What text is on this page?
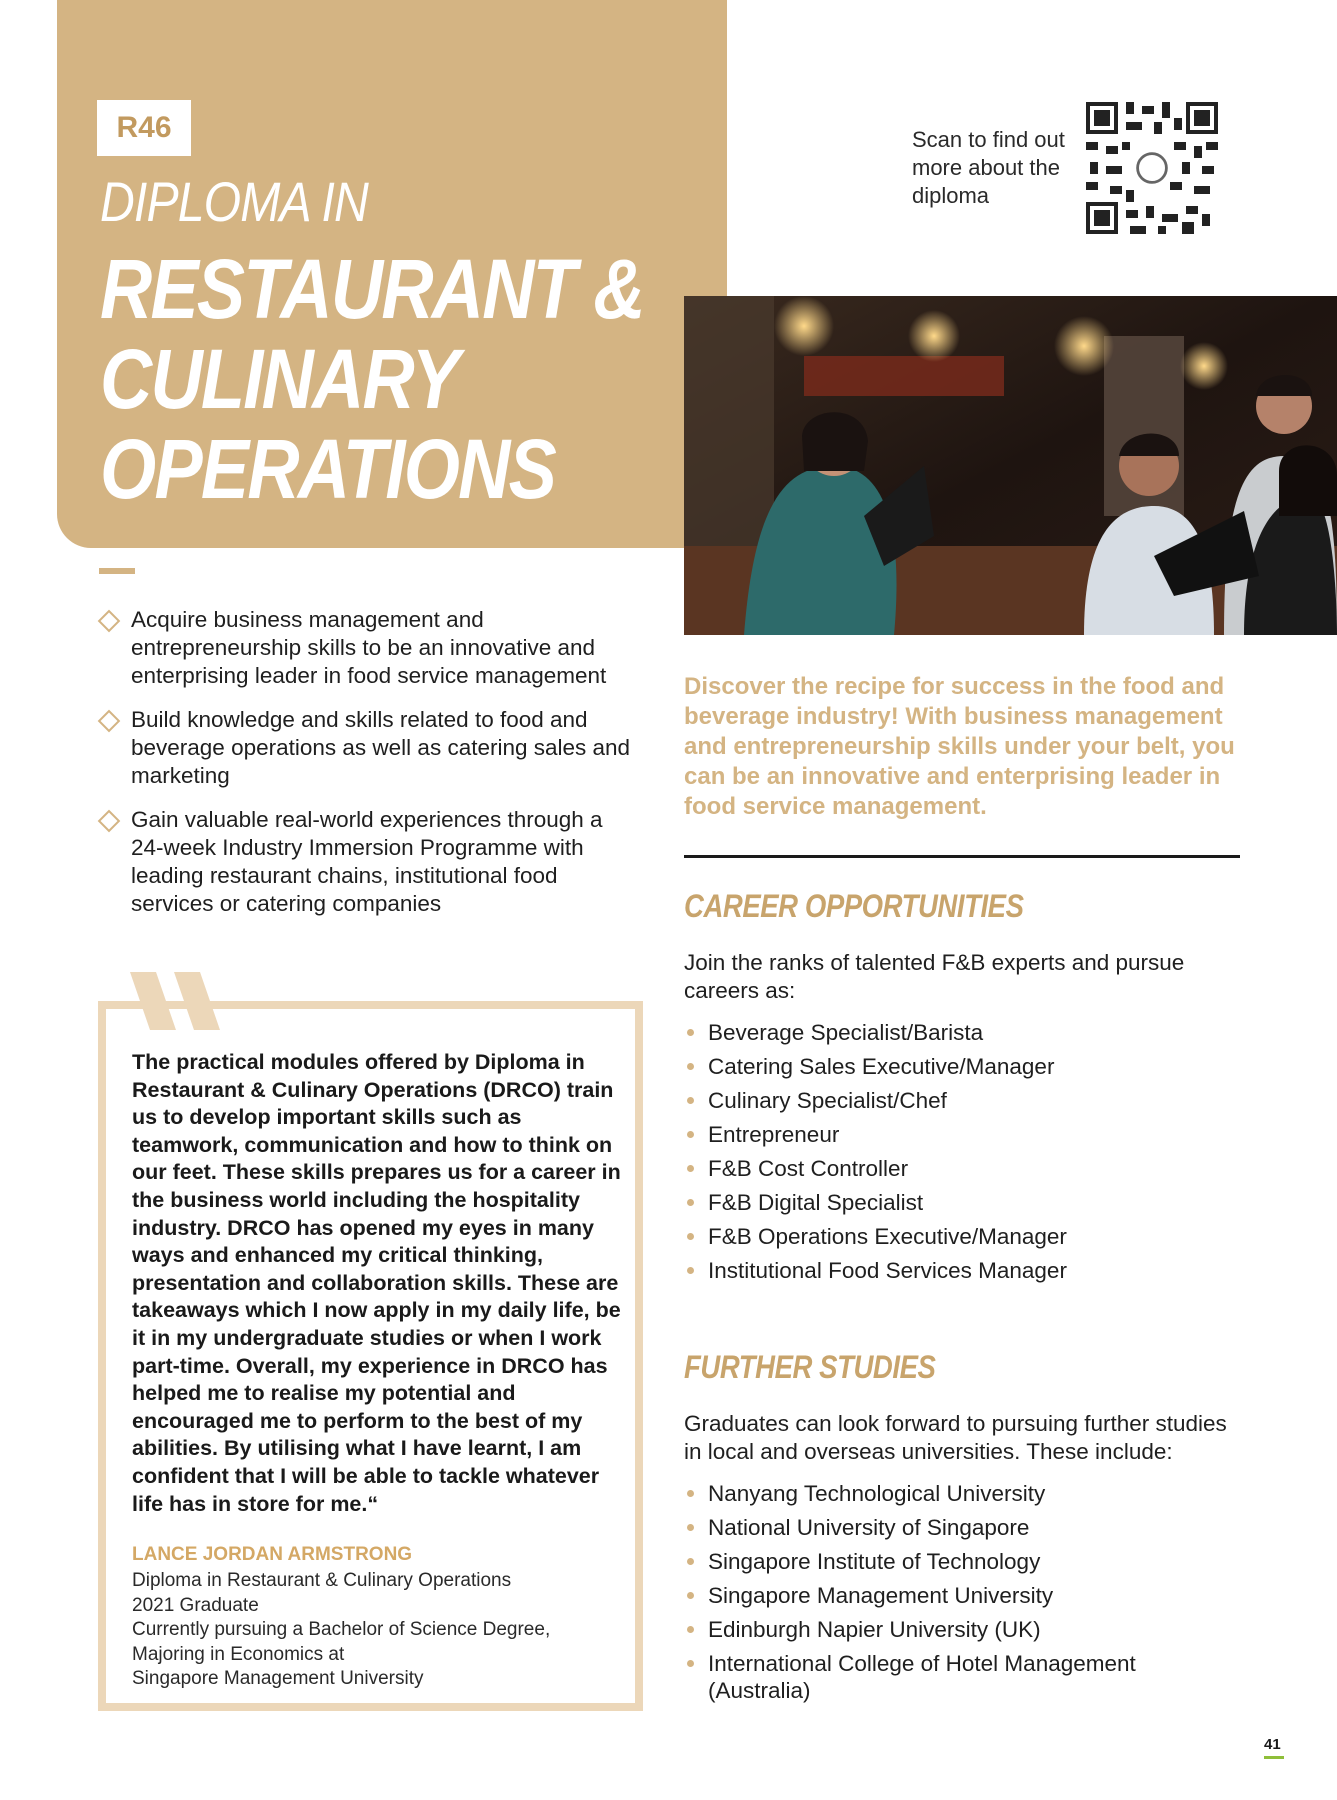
R46
DIPLOMA IN
RESTAURANT &
CULINARY
OPERATIONS
Scan to find out
more about the
diploma
Acquire business management and entrepreneurship skills to be an innovative and enterprising leader in food service management
Build knowledge and skills related to food and beverage operations as well as catering sales and marketing
Gain valuable real-world experiences through a 24-week Industry Immersion Programme with leading restaurant chains, institutional food services or catering companies
The practical modules offered by Diploma in Restaurant & Culinary Operations (DRCO) train us to develop important skills such as teamwork, communication and how to think on our feet. These skills prepares us for a career in the business world including the hospitality industry. DRCO has opened my eyes in many ways and enhanced my critical thinking, presentation and collaboration skills. These are takeaways which I now apply in my daily life, be it in my undergraduate studies or when I work part-time. Overall, my experience in DRCO has helped me to realise my potential and encouraged me to perform to the best of my abilities. By utilising what I have learnt, I am confident that I will be able to tackle whatever life has in store for me.“
LANCE JORDAN ARMSTRONG
Diploma in Restaurant & Culinary Operations
2021 Graduate
Currently pursuing a Bachelor of Science Degree,
Majoring in Economics at
Singapore Management University
Discover the recipe for success in the food and beverage industry! With business management and entrepreneurship skills under your belt, you can be an innovative and enterprising leader in food service management.
CAREER OPPORTUNITIES
Join the ranks of talented F&B experts and pursue careers as:
Beverage Specialist/Barista
Catering Sales Executive/Manager
Culinary Specialist/Chef
Entrepreneur
F&B Cost Controller
F&B Digital Specialist
F&B Operations Executive/Manager
Institutional Food Services Manager
FURTHER STUDIES
Graduates can look forward to pursuing further studies in local and overseas universities. These include:
Nanyang Technological University
National University of Singapore
Singapore Institute of Technology
Singapore Management University
Edinburgh Napier University (UK)
International College of Hotel Management (Australia)
41
